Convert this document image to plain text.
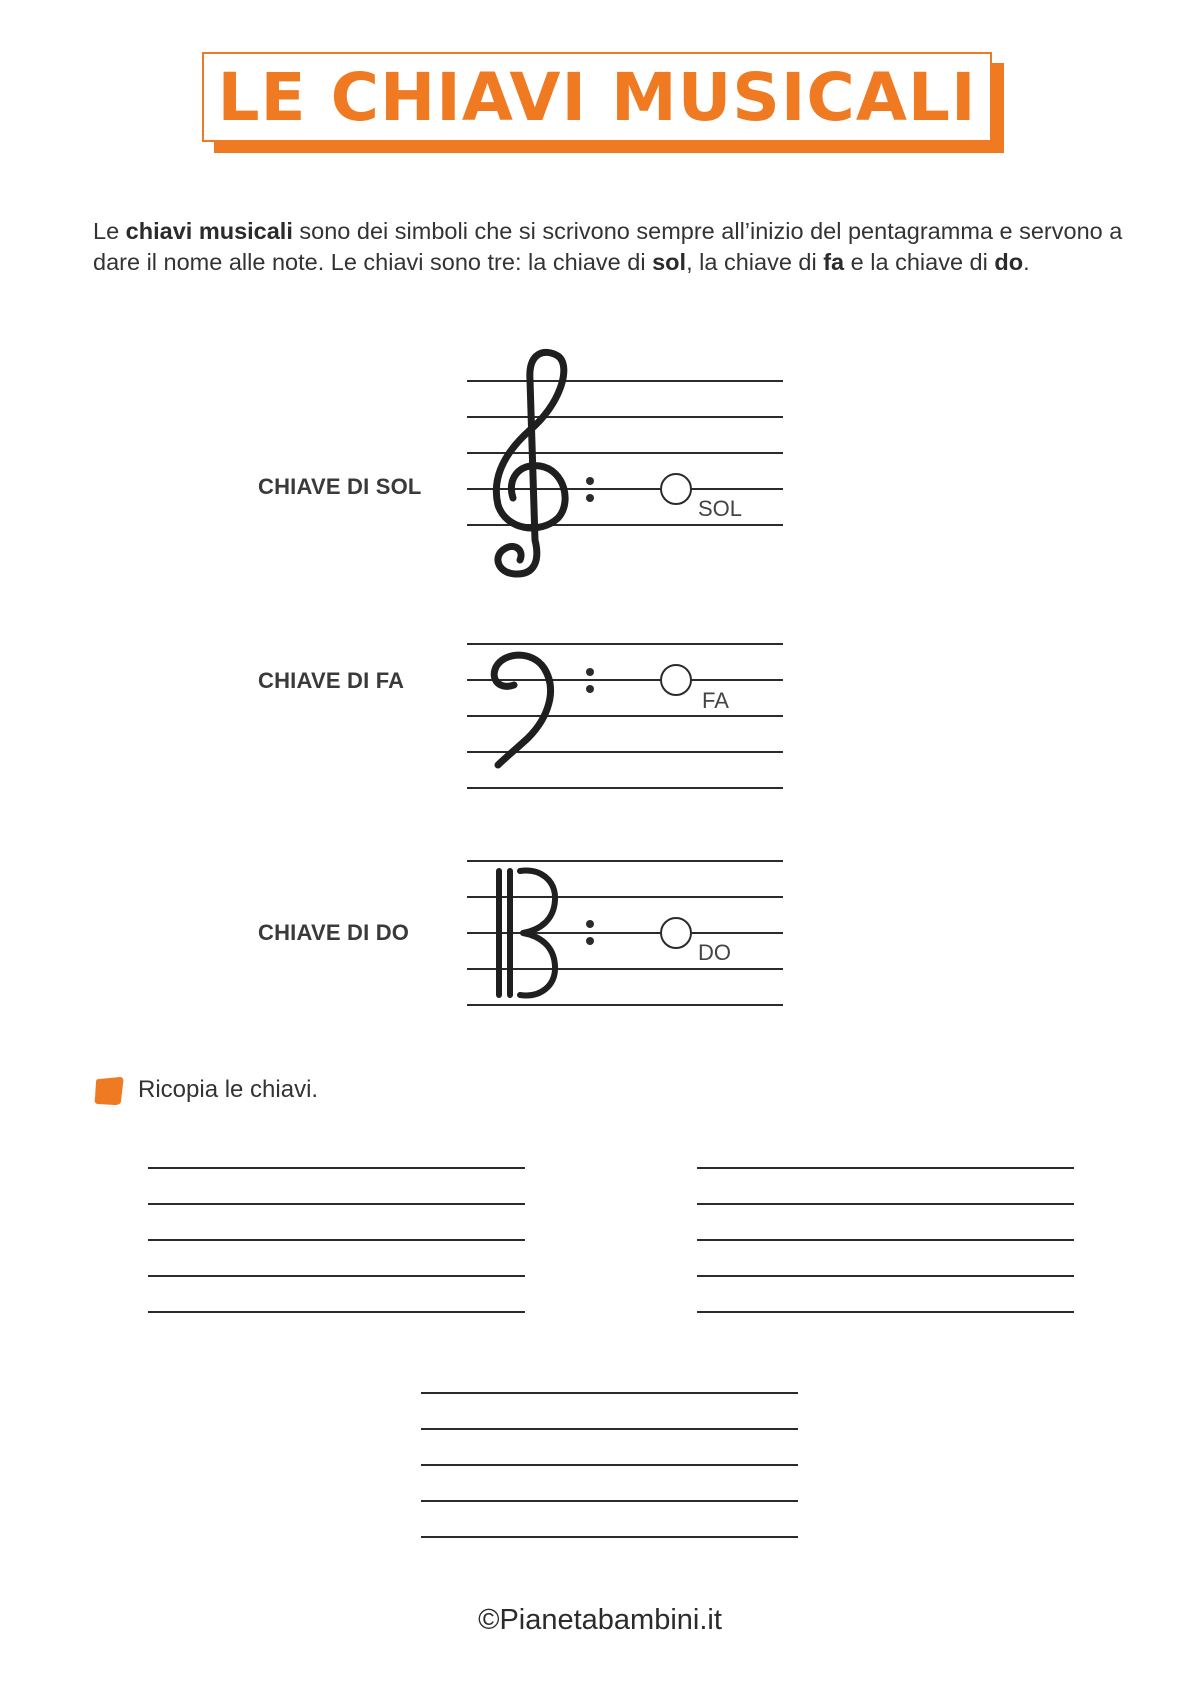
LE CHIAVI MUSICALI
Le chiavi musicali sono dei simboli che si scrivono sempre all’inizio del pentagramma e servono a dare il nome alle note. Le chiavi sono tre: la chiave di sol, la chiave di fa e la chiave di do.
CHIAVE DI SOL
CHIAVE DI FA
CHIAVE DI DO
SOL
FA
DO
Ricopia le chiavi.
©Pianetabambini.it
